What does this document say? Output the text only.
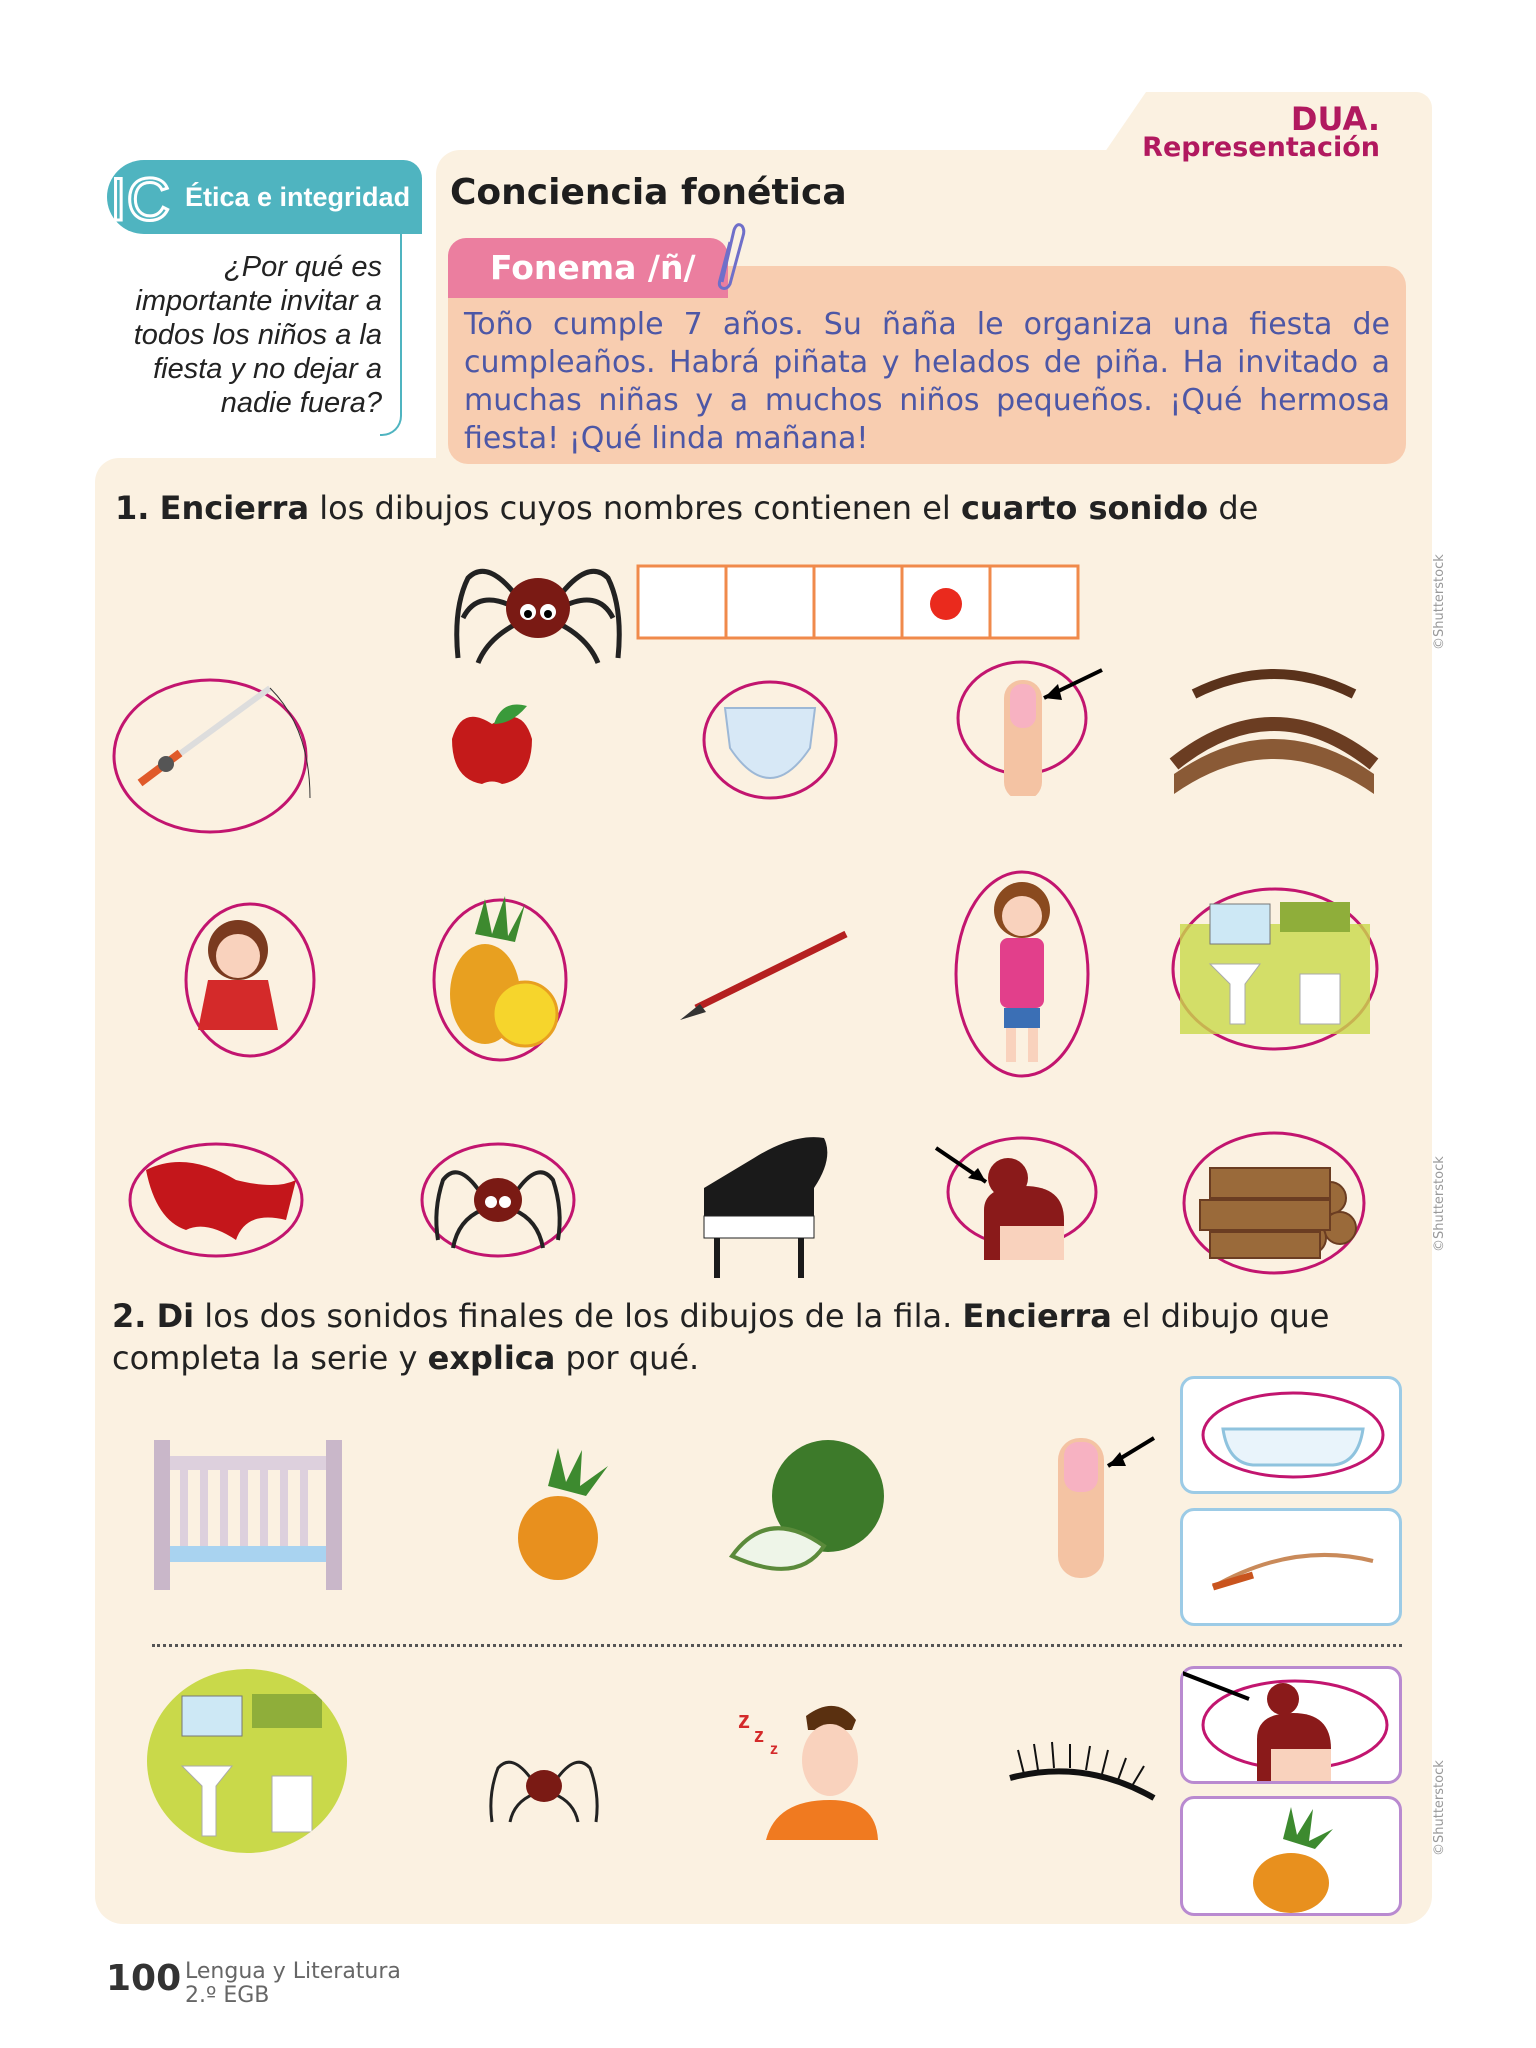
DUA.
Representación
IC Ética e integridad
¿Por qué es importante invitar a todos los niños a la fiesta y no dejar a nadie fuera?
Conciencia fonética
Fonema /ñ/
Toño cumple 7 años. Su ñaña le organiza una fiesta de cumpleaños. Habrá piñata y helados de piña. Ha invitado a muchas niñas y a muchos niños pequeños. ¡Qué hermosa fiesta! ¡Qué linda mañana!
1. Encierra los dibujos cuyos nombres contienen el cuarto sonido de
2. Di los dos sonidos finales de los dibujos de la fila. Encierra el dibujo que completa la serie y explica por qué.
z
z
z
©Shutterstock
©Shutterstock
©Shutterstock
100 Lengua y Literatura
2.º EGB
